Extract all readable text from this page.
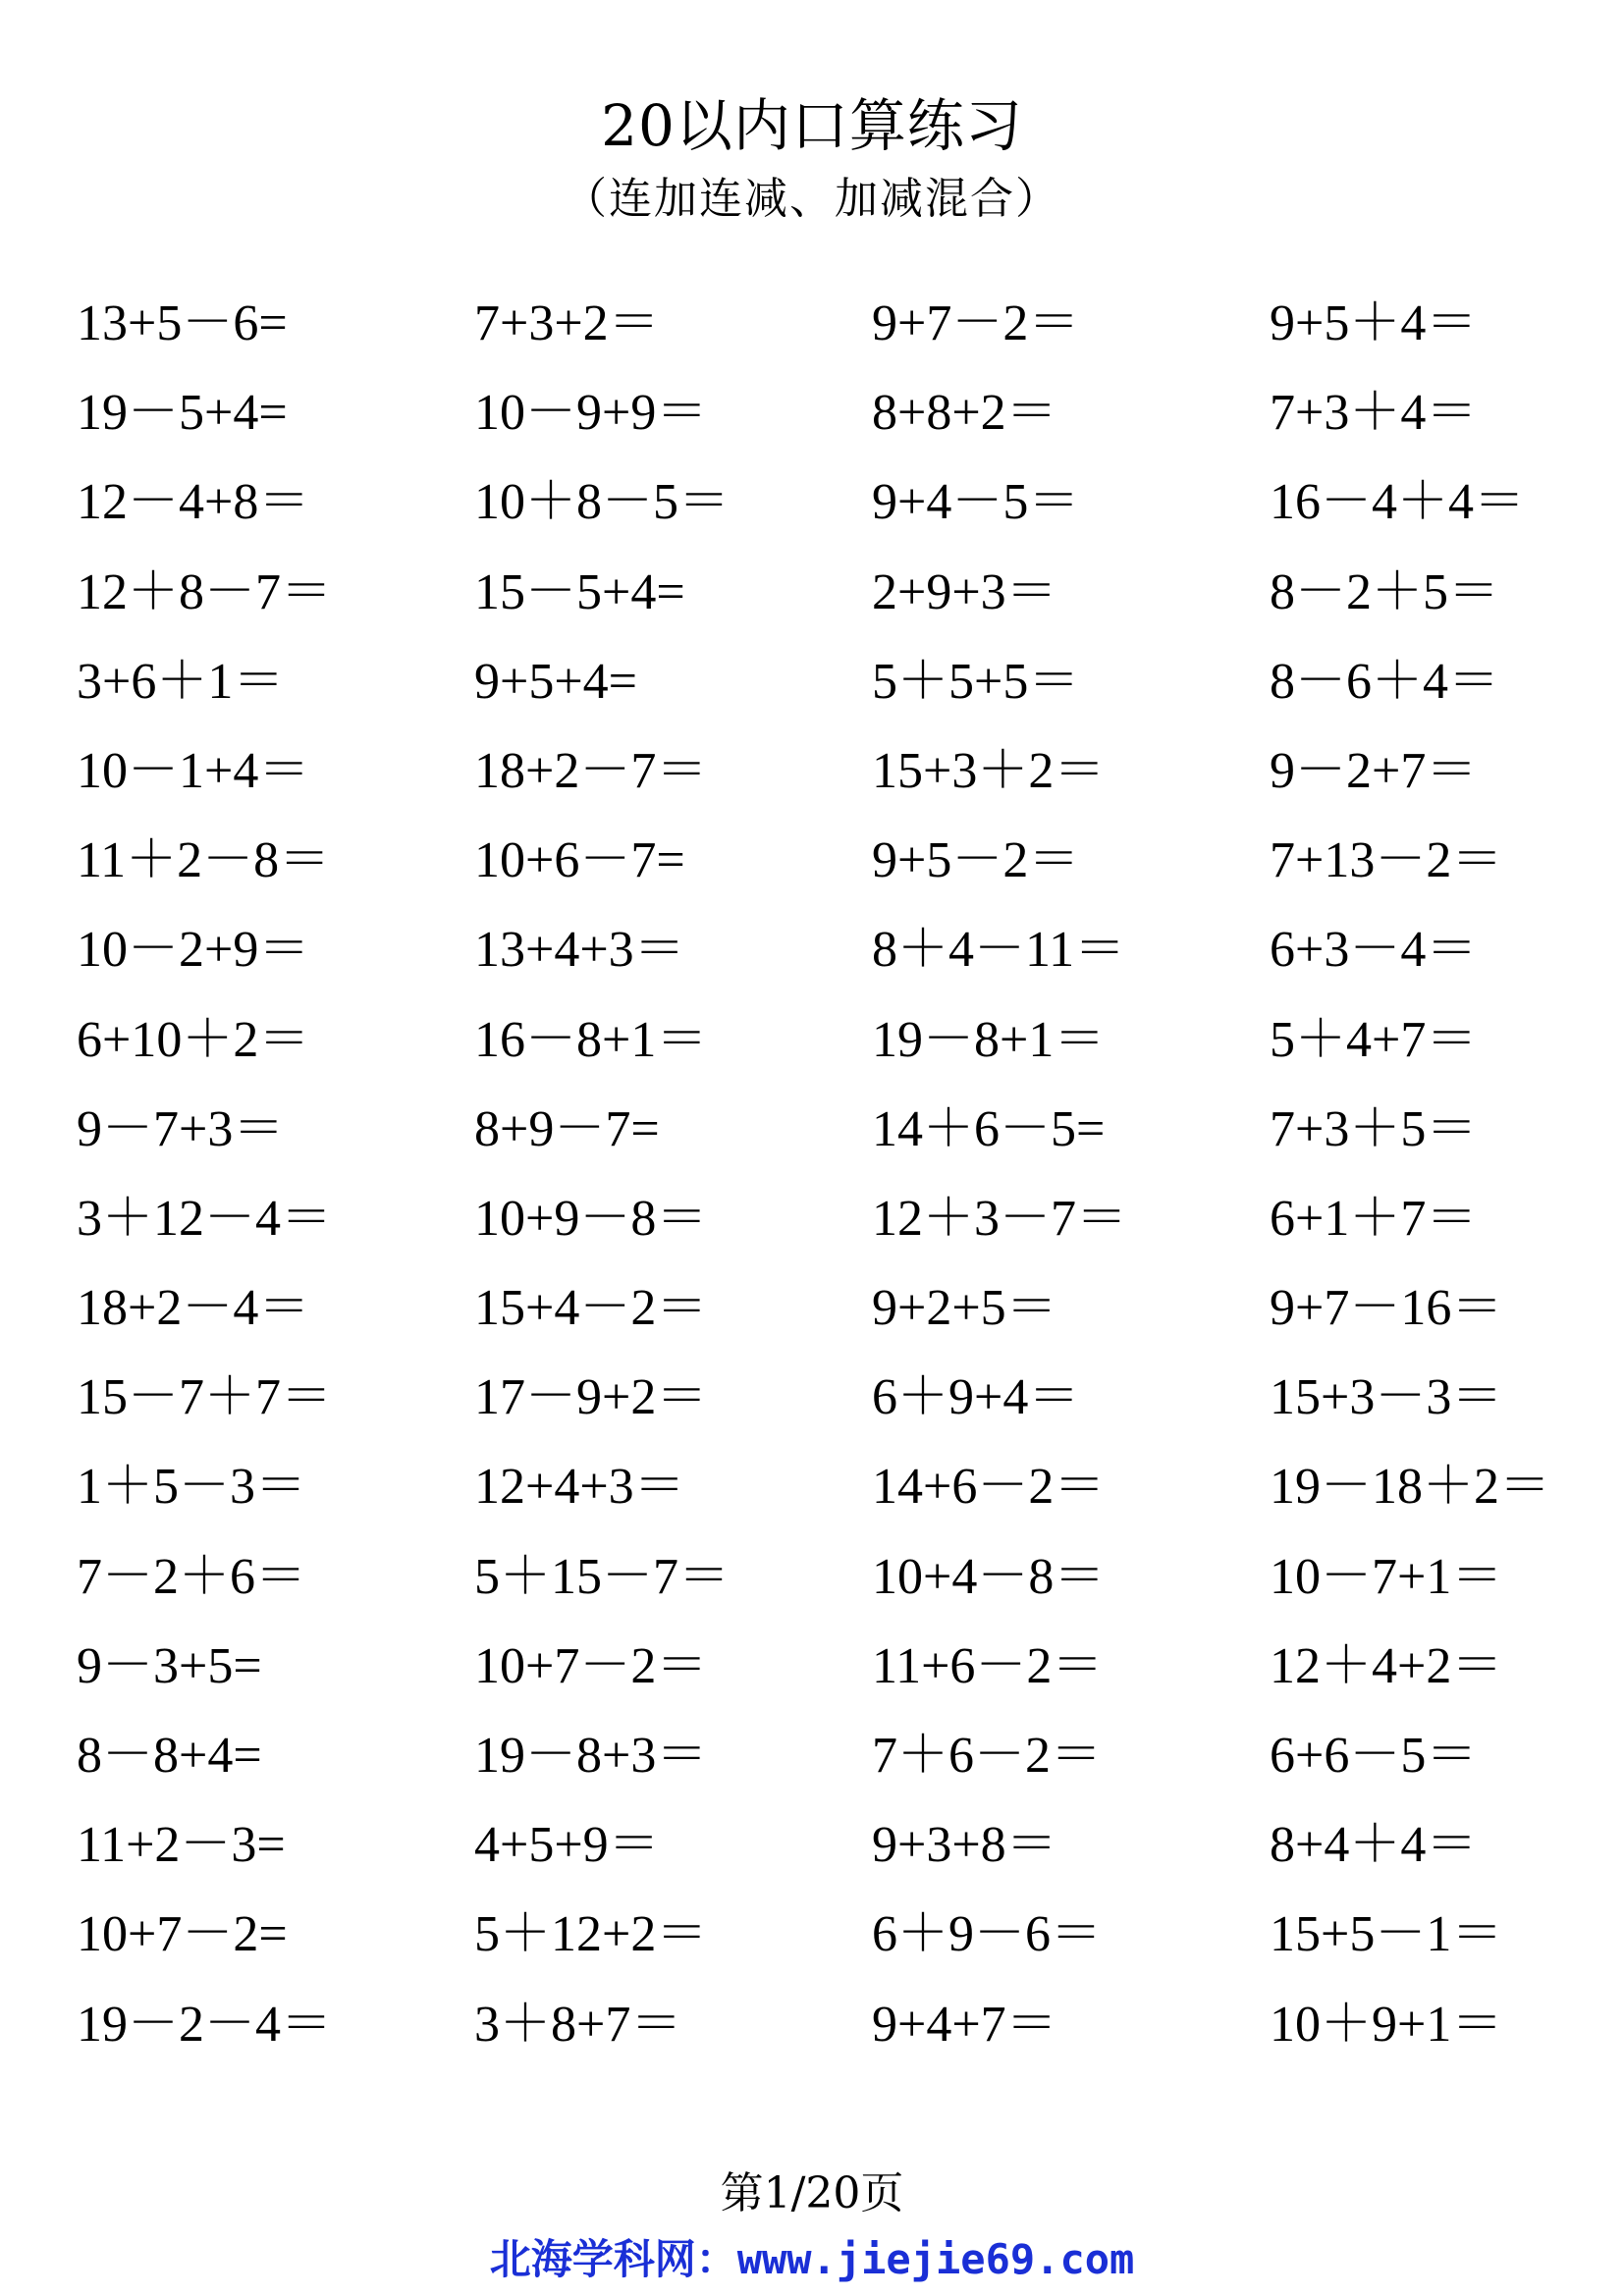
20以内口算练习
（连加连减、加减混合）
13+5－6=	7+3+2＝	9+7－2＝	9+5＋4＝
19－5+4=	10－9+9＝	8+8+2＝	7+3＋4＝
12－4+8＝	10＋8－5＝	9+4－5＝	16－4＋4＝
12＋8－7＝	15－5+4=	2+9+3＝	8－2＋5＝
3+6＋1＝	9+5+4=	5＋5+5＝	8－6＋4＝
10－1+4＝	18+2－7＝	15+3＋2＝	9－2+7＝
11＋2－8＝	10+6－7=	9+5－2＝	7+13－2＝
10－2+9＝	13+4+3＝	8＋4－11＝	6+3－4＝
6+10＋2＝	16－8+1＝	19－8+1＝	5＋4+7＝
9－7+3＝	8+9－7=	14＋6－5=	7+3＋5＝
3＋12－4＝	10+9－8＝	12＋3－7＝	6+1＋7＝
18+2－4＝	15+4－2＝	9+2+5＝	9+7－16＝
15－7＋7＝	17－9+2＝	6＋9+4＝	15+3－3＝
1＋5－3＝	12+4+3＝	14+6－2＝	19－18＋2＝
7－2＋6＝	5＋15－7＝	10+4－8＝	10－7+1＝
9－3+5=	10+7－2＝	11+6－2＝	12＋4+2＝
8－8+4=	19－8+3＝	7＋6－2＝	6+6－5＝
11+2－3=	4+5+9＝	9+3+8＝	8+4＋4＝
10+7－2=	5＋12+2＝	6＋9－6＝	15+5－1＝
19－2－4＝	3＋8+7＝	9+4+7＝	10＋9+1＝
第1/20页
北海学科网：www.jiejie69.com
